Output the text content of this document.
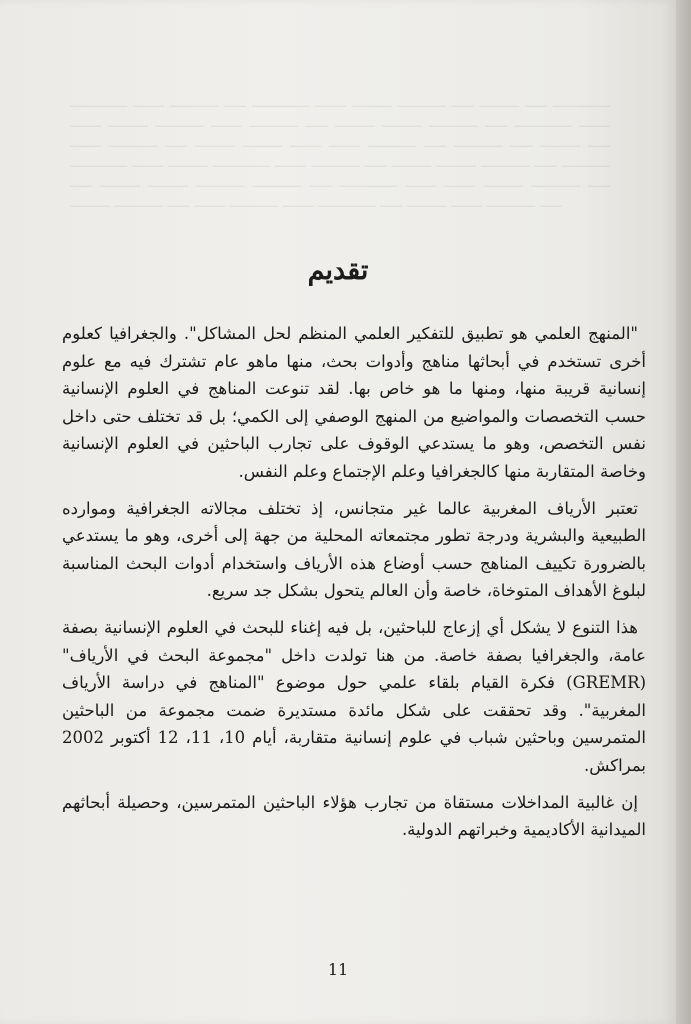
ـــــــــــــ ـــــــ ـــــــــــ ـــــ ـــــــــــــ ـــــــ ـــــــــ ـــــــــــ ـــــ ـــــــــ ـــــ ـــــــــــــ ـــــــ ـــــــــ ـــــــــــ ـــــــ ـــــــــــ ـــــ ـــــــــ ـــــــــ ـــــــــــ ـــــ ـــــــــــــ ـــــــ ـــــــ ـــــــــــ ـــــ ـــــــــ ـــــــــ ـــــــ ـــــــ ـــــــــــ ـــــ ـــــــــــ ـــــ ـــــــــ ـــــ ـــــــــــــ ـــــــ ـــــــــ ـــــــــــــ ـــــــ ـــــــــــ ـــــ ـــــــــ ـــــــــ ـــــــــــ ـــــ ـــــــــــ ـــــ ـــــــــ ـــــــــ ـــــــــــ ـــــــــــ ـــــ ـــــــــــــ ـــــــ ـــــــ ـــــــــ ـــــــــــ ـــــ ـــــــــ ـــــــــــ ـــــ ـــــــ ـــــــــــ ـــــــ ـــــــــــــ ـــــ ـــــــــ ـــــــ ـــــــــــ ـــــ
تقديم

"المنهج العلمي هو تطبيق للتفكير العلمي المنظم لحل المشاكل". والجغرافيا كعلوم أخرى تستخدم في أبحاثها مناهج وأدوات بحث، منها ماهو عام تشترك فيه مع علوم إنسانية قريبة منها، ومنها ما هو خاص بها. لقد تنوعت المناهج في العلوم الإنسانية حسب التخصصات والمواضيع من المنهج الوصفي إلى الكمي؛ بل قد تختلف حتى داخل نفس التخصص، وهو ما يستدعي الوقوف على تجارب الباحثين في العلوم الإنسانية وخاصة المتقاربة منها كالجغرافيا وعلم الإجتماع وعلم النفس.

تعتبر الأرياف المغربية عالما غير متجانس، إذ تختلف مجالاته الجغرافية وموارده الطبيعية والبشرية ودرجة تطور مجتمعاته المحلية من جهة إلى أخرى، وهو ما يستدعي بالضرورة تكييف المناهج حسب أوضاع هذه الأرياف واستخدام أدوات البحث المناسبة لبلوغ الأهداف المتوخاة، خاصة وأن العالم يتحول بشكل جد سريع.

هذا التنوع لا يشكل أي إزعاج للباحثين، بل فيه إغناء للبحث في العلوم الإنسانية بصفة عامة، والجغرافيا بصفة خاصة. من هنا تولدت داخل "مجموعة البحث في الأرياف" (GREMR) فكرة القيام بلقاء علمي حول موضوع "المناهج في دراسة الأرياف المغربية". وقد تحققت على شكل مائدة مستديرة ضمت مجموعة من الباحثين المتمرسين وباحثين شباب في علوم إنسانية متقاربة، أيام 10، 11، 12 أكتوبر 2002 بمراكش.

إن غالبية المداخلات مستقاة من تجارب هؤلاء الباحثين المتمرسين، وحصيلة أبحاثهم الميدانية الأكاديمية وخبراتهم الدولية.

11
